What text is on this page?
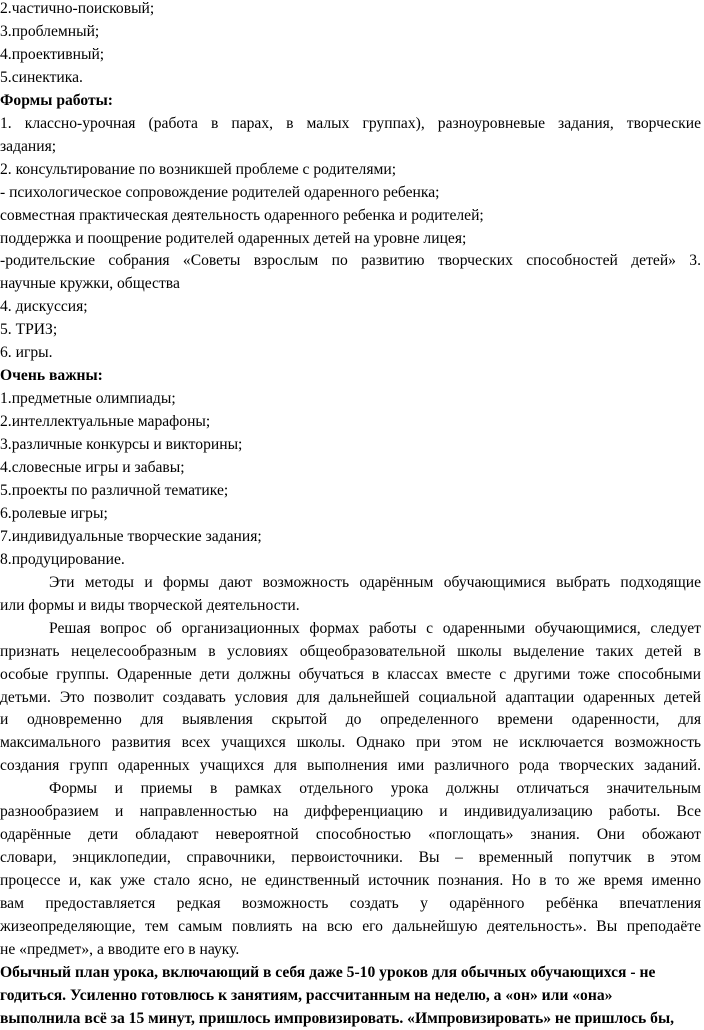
2.частично-поисковый;
3.проблемный;
4.проективный;
5.синектика.
Формы работы:
1. классно-урочная (работа в парах, в малых группах), разноуровневые задания, творческие
задания;
2. консультирование по возникшей проблеме с родителями;
- психологическое сопровождение родителей одаренного ребенка;
совместная практическая деятельность одаренного ребенка и родителей;
поддержка и поощрение родителей одаренных детей на уровне лицея;
-родительские собрания «Советы взрослым по развитию творческих способностей детей» 3.
научные кружки, общества
4. дискуссия;
5. ТРИЗ;
6. игры.
Очень важны:
1.предметные олимпиады;
2.интеллектуальные марафоны;
3.различные конкурсы и викторины;
4.словесные игры и забавы;
5.проекты по различной тематике;
6.ролевые игры;
7.индивидуальные творческие задания;
8.продуцирование.
Эти методы и формы дают возможность одарённым обучающимися выбрать подходящие
или формы и виды творческой деятельности.
Решая вопрос об организационных формах работы с одаренными обучающимися, следует
признать нецелесообразным в условиях общеобразовательной школы выделение таких детей в
особые группы. Одаренные дети должны обучаться в классах вместе с другими тоже способными
детьми. Это позволит создавать условия для дальнейшей социальной адаптации одаренных детей
и одновременно для выявления скрытой до определенного времени одаренности, для
максимального развития всех учащихся школы. Однако при этом не исключается возможность
создания групп одаренных учащихся для выполнения ими различного рода творческих заданий.
Формы и приемы в рамках отдельного урока должны отличаться значительным
разнообразием и направленностью на дифференциацию и индивидуализацию работы. Все
одарённые дети обладают невероятной способностью «поглощать» знания. Они обожают
словари, энциклопедии, справочники, первоисточники. Вы – временный попутчик в этом
процессе и, как уже стало ясно, не единственный источник познания. Но в то же время именно
вам предоставляется редкая возможность создать у одарённого ребёнка впечатления
жизеопределяющие, тем самым повлиять на всю его дальнейшую деятельность». Вы преподаёте
не «предмет», а вводите его в науку.
Обычный план урока, включающий в себя даже 5-10 уроков для обычных обучающихся - не
годиться. Усиленно готовлюсь к занятиям, рассчитанным на неделю, а «он» или «она»
выполнила всё за 15 минут, пришлось импровизировать. «Импровизировать» не пришлось бы,
